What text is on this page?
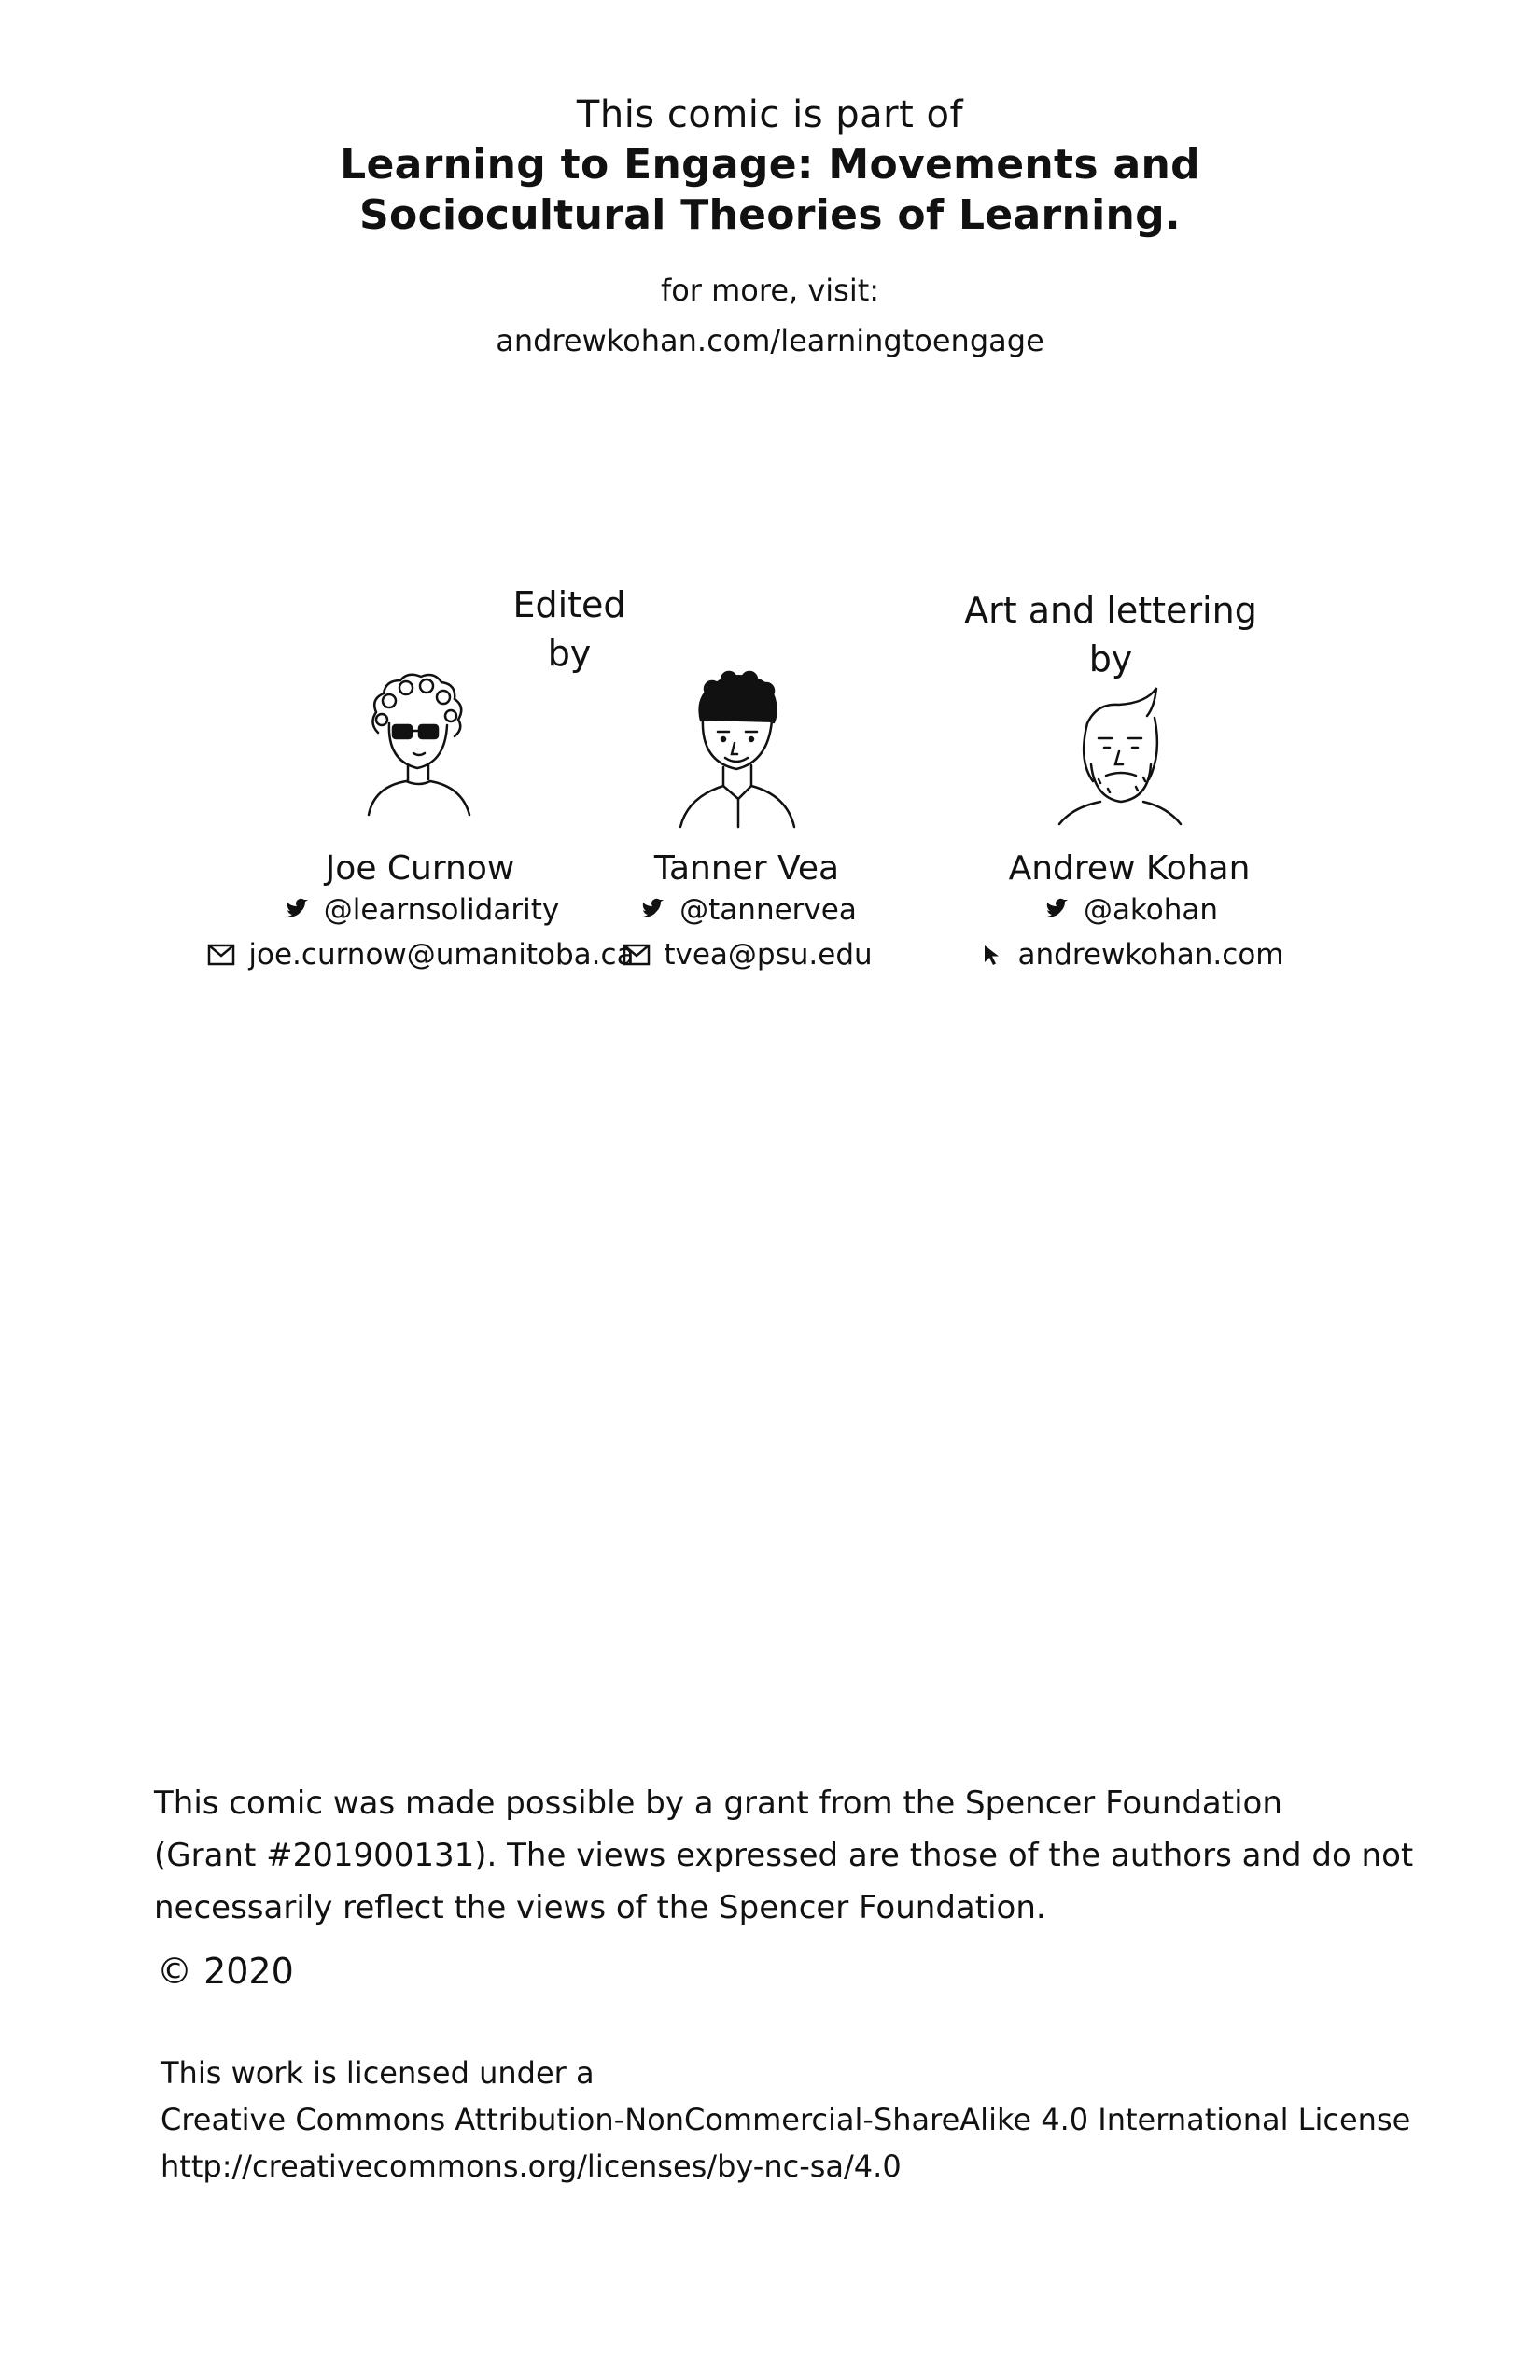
This comic is part of
Learning to Engage: Movements and
Sociocultural Theories of Learning.
for more, visit:
andrewkohan.com/learningtoengage
Edited
by
Art and lettering
by
Joe Curnow
@learnsolidarity
joe.curnow@umanitoba.ca
Tanner Vea
@tannervea
tvea@psu.edu
Andrew Kohan
@akohan
andrewkohan.com
This comic was made possible by a grant from the Spencer Foundation
(Grant #201900131). The views expressed are those of the authors and do not
necessarily reflect the views of the Spencer Foundation.
© 2020
This work is licensed under a
Creative Commons Attribution-NonCommercial-ShareAlike 4.0 International License
http://creativecommons.org/licenses/by-nc-sa/4.0
